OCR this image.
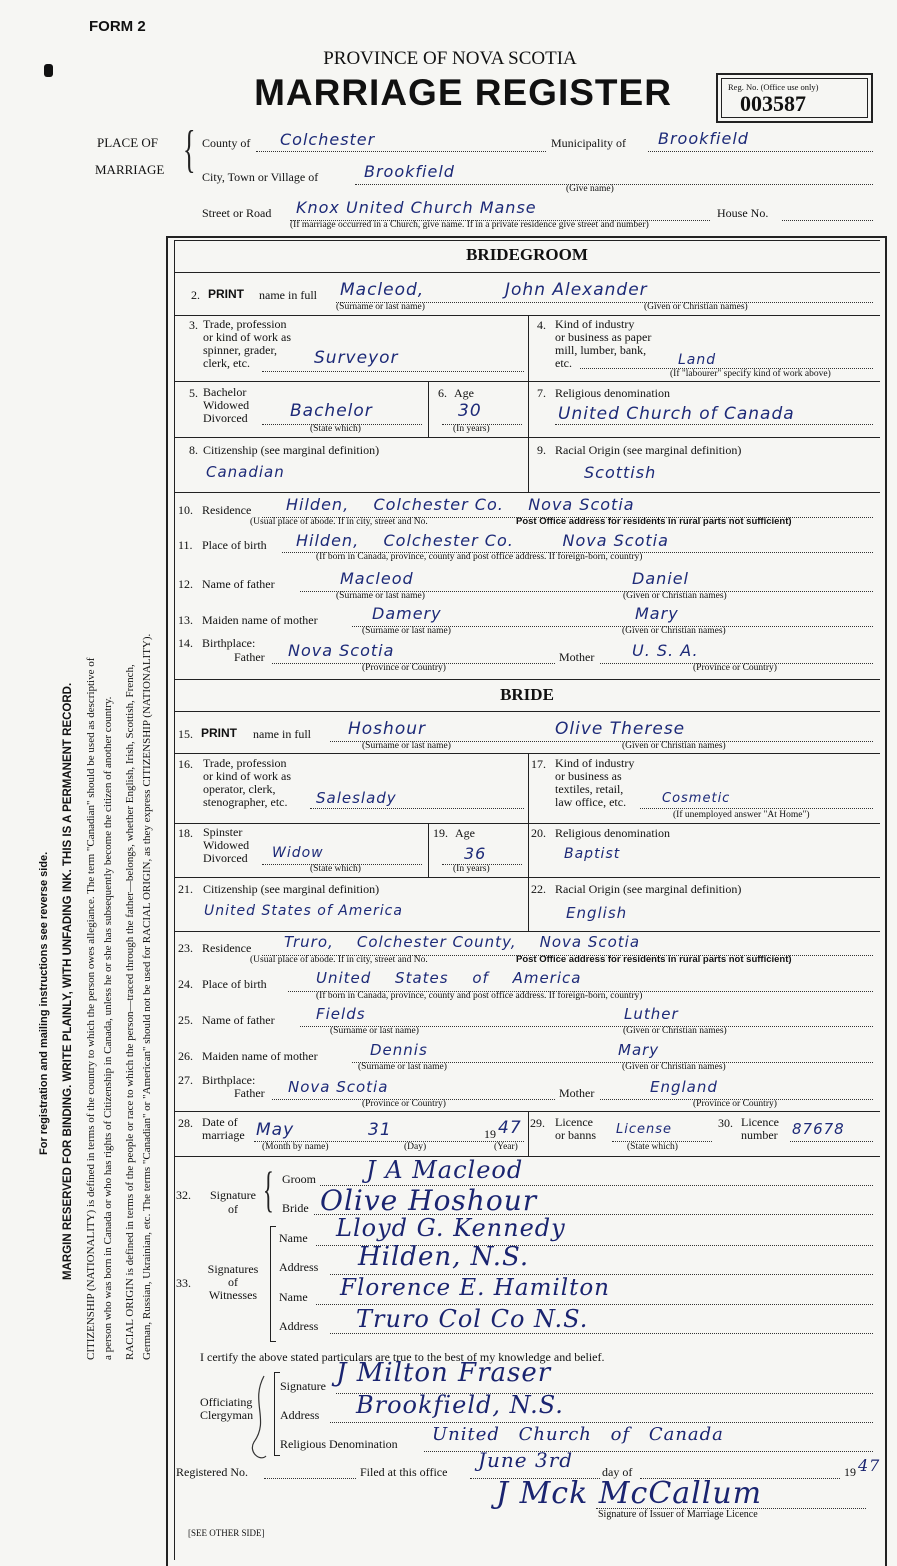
FORM 2
PROVINCE OF NOVA SCOTIA
MARRIAGE REGISTER	Reg. No. (Office use only)
003587
For registration and mailing instructions see reverse side. MARGIN RESERVED FOR BINDING. WRITE PLAINLY, WITH UNFADING INK. THIS IS A PERMANENT RECORD. CITIZENSHIP (NATIONALITY) is defined in terms of the country to which the person owes allegiance. The term "Canadian" should be used as descriptive of a person who was born in Canada or who has rights of Citizenship in Canada, unless he or she has subsequently become the citizen of another country. RACIAL ORIGIN is defined in terms of the people or race to which the person—traced through the father—belongs, whether English, Irish, Scottish, French, German, Russian, Ukrainian, etc. The terms "Canadian" or "American" should not be used for RACIAL ORIGIN, as they express CITIZENSHIP (NATIONALITY).
PLACE OF
MARRIAGE { County of Colchester	Municipality of Brookfield
City, Town or Village of	Brookfield
(Give name)
Street or Road Knox United Church Manse	House No.
(If marriage occurred in a Church, give name. If in a private residence give street and number)
BRIDEGROOM
2. PRINT name in full Macleod,	John Alexander
(Surname or last name)	(Given or Christian names)
3. Trade, profession
or kind of work as
spinner, grader,
clerk, etc.	Surveyor
4. Kind of industry
or business as paper
mill, lumber, bank,
etc.	Land
(If "labourer" specify kind of work above)
5. Bachelor
Widowed
Divorced Bachelor
(State which)
6. Age
30
(In years)
7. Religious denomination
United Church of Canada
8. Citizenship (see marginal definition)
Canadian
9. Racial Origin (see marginal definition)
Scottish
10. Residence Hilden,    Colchester Co.    Nova Scotia
(Usual place of abode. If in city, street and No.	Post Office address for residents in rural parts not sufficient)
11. Place of birth Hilden,    Colchester Co.        Nova Scotia
(If born in Canada, province, county and post office address. If foreign-born, country)
12. Name of father	Macleod	Daniel
(Surname or last name)	(Given or Christian names)
13. Maiden name of mother	Damery	Mary
(Surname or last name)	(Given or Christian names)
14. Birthplace:
Father Nova Scotia
(Province or Country)
Mother U. S. A.
(Province or Country)
BRIDE
15. PRINT name in full Hoshour	Olive Therese
(Surname or last name)	(Given or Christian names)
16. Trade, profession
or kind of work as
operator, clerk,
stenographer, etc. Saleslady
17. Kind of industry
or business as
textiles, retail,
law office, etc.	Cosmetic
(If unemployed answer "At Home")
18. Spinster
Widowed
Divorced Widow
(State which)
19. Age
36
(In years)
20. Religious denomination
Baptist
21. Citizenship (see marginal definition)
United States of America
22. Racial Origin (see marginal definition)
English
23. Residence Truro,    Colchester County,    Nova Scotia
(Usual place of abode. If in city, street and No.	Post Office address for residents in rural parts not sufficient)
24. Place of birth	United States of America
(If born in Canada, province, county and post office address. If foreign-born, country)
25. Name of father	Fields	Luther
(Surname or last name)	(Given or Christian names)
26. Maiden name of mother	Dennis	Mary
(Surname or last name)	(Given or Christian names)
27. Birthplace:
Father Nova Scotia
(Province or Country)
Mother	England
(Province or Country)
28. Date of
marriage May	31	19 47
(Month by name)	(Day)	(Year)
29. Licence
or banns License
(State which)
30. Licence
number 87678
32.	Signature
of { Groom J A Macleod
Bride Olive Hoshour
33.
Signatures
of
Witnesses
Name Lloyd G. Kennedy
Address Hilden, N.S.
Name Florence E. Hamilton
Address Truro Col Co N.S.
I certify the above stated particulars are true to the best of my knowledge and belief.
Officiating
Clergyman
Signature J Milton Fraser
Address Brookfield, N.S.
Religious Denomination United Church of Canada
Registered No.	Filed at this office June 3rd day of	19 47
J Mck McCallum
Signature of Issuer of Marriage Licence
[SEE OTHER SIDE]
